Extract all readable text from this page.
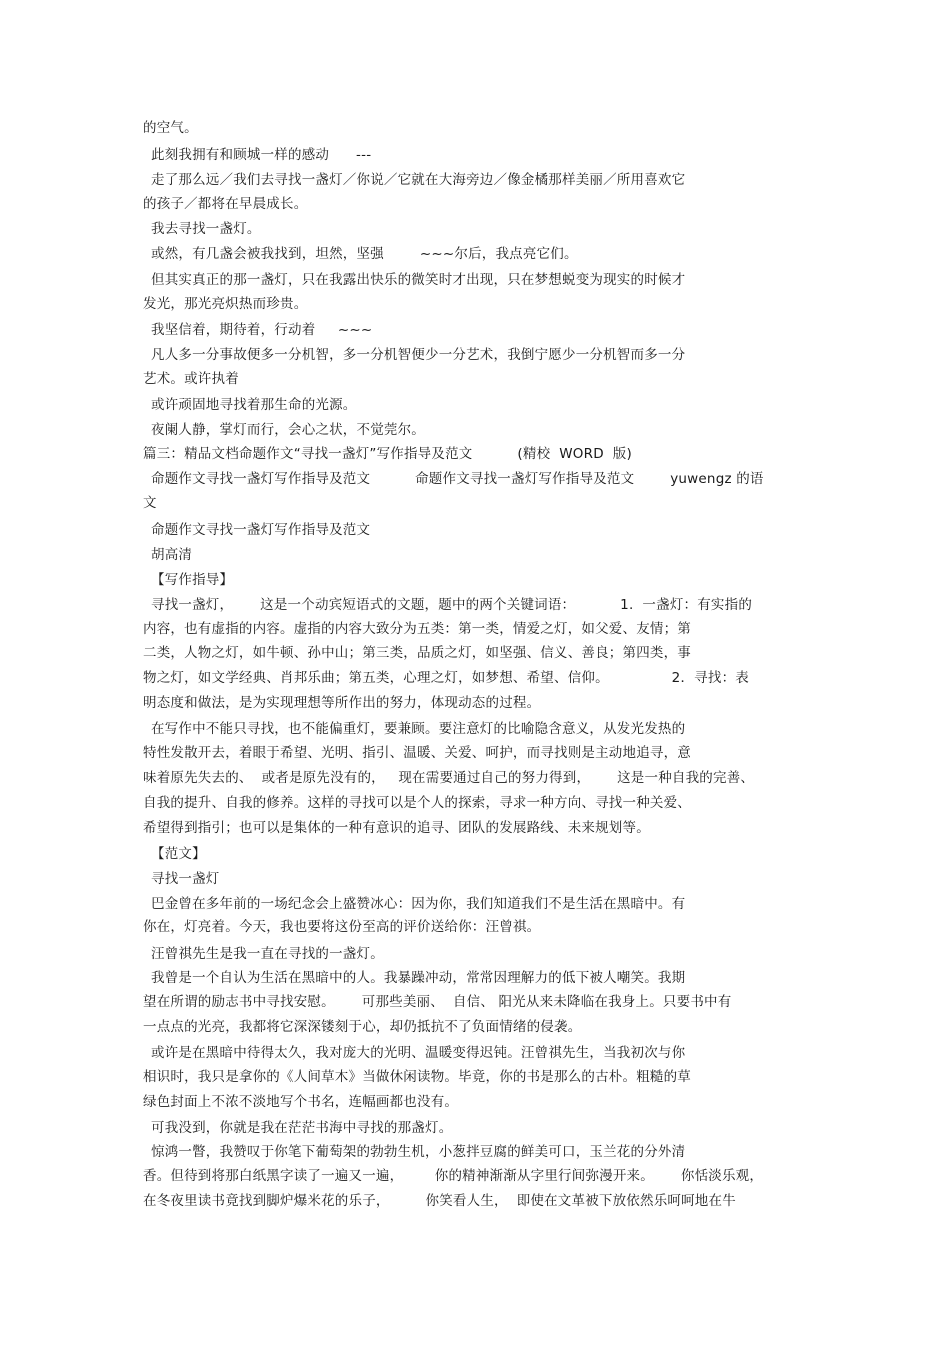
的空气。
此刻我拥有和顾城一样的感动      ---
走了那么远／我们去寻找一盏灯／你说／它就在大海旁边／像金橘那样美丽／所用喜欢它
的孩子／都将在早晨成长。
我去寻找一盏灯。
或然，有几盏会被我找到，坦然，坚强        ~~~尔后，我点亮它们。
但其实真正的那一盏灯，只在我露出快乐的微笑时才出现，只在梦想蜕变为现实的时候才
发光，那光亮炽热而珍贵。
我坚信着，期待着，行动着     ~~~
凡人多一分事故便多一分机智，多一分机智便少一分艺术，我倒宁愿少一分机智而多一分
艺术。或许执着
或许顽固地寻找着那生命的光源。
夜阑人静，掌灯而行，会心之状，不觉莞尔。
篇三：精品文档命题作文“寻找一盏灯”写作指导及范文          (精校  WORD  版)
命题作文寻找一盏灯写作指导及范文          命题作文寻找一盏灯写作指导及范文        yuwengz 的语
文
命题作文寻找一盏灯写作指导及范文
胡高清
【写作指导】
寻找一盏灯，      这是一个动宾短语式的文题，题中的两个关键词语：          1.  一盏灯：有实指的
内容，也有虚指的内容。虚指的内容大致分为五类：第一类，情爱之灯，如父爱、友情；第
二类，人物之灯，如牛顿、孙中山；第三类，品质之灯，如坚强、信义、善良；第四类，事
物之灯，如文学经典、肖邦乐曲；第五类，心理之灯，如梦想、希望、信仰。              2．寻找：表
明态度和做法，是为实现理想等所作出的努力，体现动态的过程。
在写作中不能只寻找，也不能偏重灯，要兼顾。要注意灯的比喻隐含意义，从发光发热的
特性发散开去，着眼于希望、光明、指引、温暖、关爱、呵护，而寻找则是主动地追寻，意
味着原先失去的、  或者是原先没有的，   现在需要通过自己的努力得到，      这是一种自我的完善、
自我的提升、自我的修养。这样的寻找可以是个人的探索，寻求一种方向、寻找一种关爱、
希望得到指引；也可以是集体的一种有意识的追寻、团队的发展路线、未来规划等。
【范文】
寻找一盏灯
巴金曾在多年前的一场纪念会上盛赞冰心：因为你，我们知道我们不是生活在黑暗中。有
你在，灯亮着。今天，我也要将这份至高的评价送给你：汪曾祺。
汪曾祺先生是我一直在寻找的一盏灯。
我曾是一个自认为生活在黑暗中的人。我暴躁冲动，常常因理解力的低下被人嘲笑。我期
望在所谓的励志书中寻找安慰。      可那些美丽、  自信、 阳光从来未降临在我身上。只要书中有
一点点的光亮，我都将它深深镂刻于心，却仍抵抗不了负面情绪的侵袭。
或许是在黑暗中待得太久，我对庞大的光明、温暖变得迟钝。汪曾祺先生，当我初次与你
相识时，我只是拿你的《人间草木》当做休闲读物。毕竟，你的书是那么的古朴。粗糙的草
绿色封面上不浓不淡地写个书名，连幅画都也没有。
可我没到，你就是我在茫茫书海中寻找的那盏灯。
惊鸿一瞥，我赞叹于你笔下葡萄架的勃勃生机，小葱拌豆腐的鲜美可口，玉兰花的分外清
香。但待到将那白纸黑字读了一遍又一遍，       你的精神渐渐从字里行间弥漫开来。      你恬淡乐观，
在冬夜里读书竟找到脚炉爆米花的乐子，        你笑看人生，  即使在文革被下放依然乐呵呵地在牛
